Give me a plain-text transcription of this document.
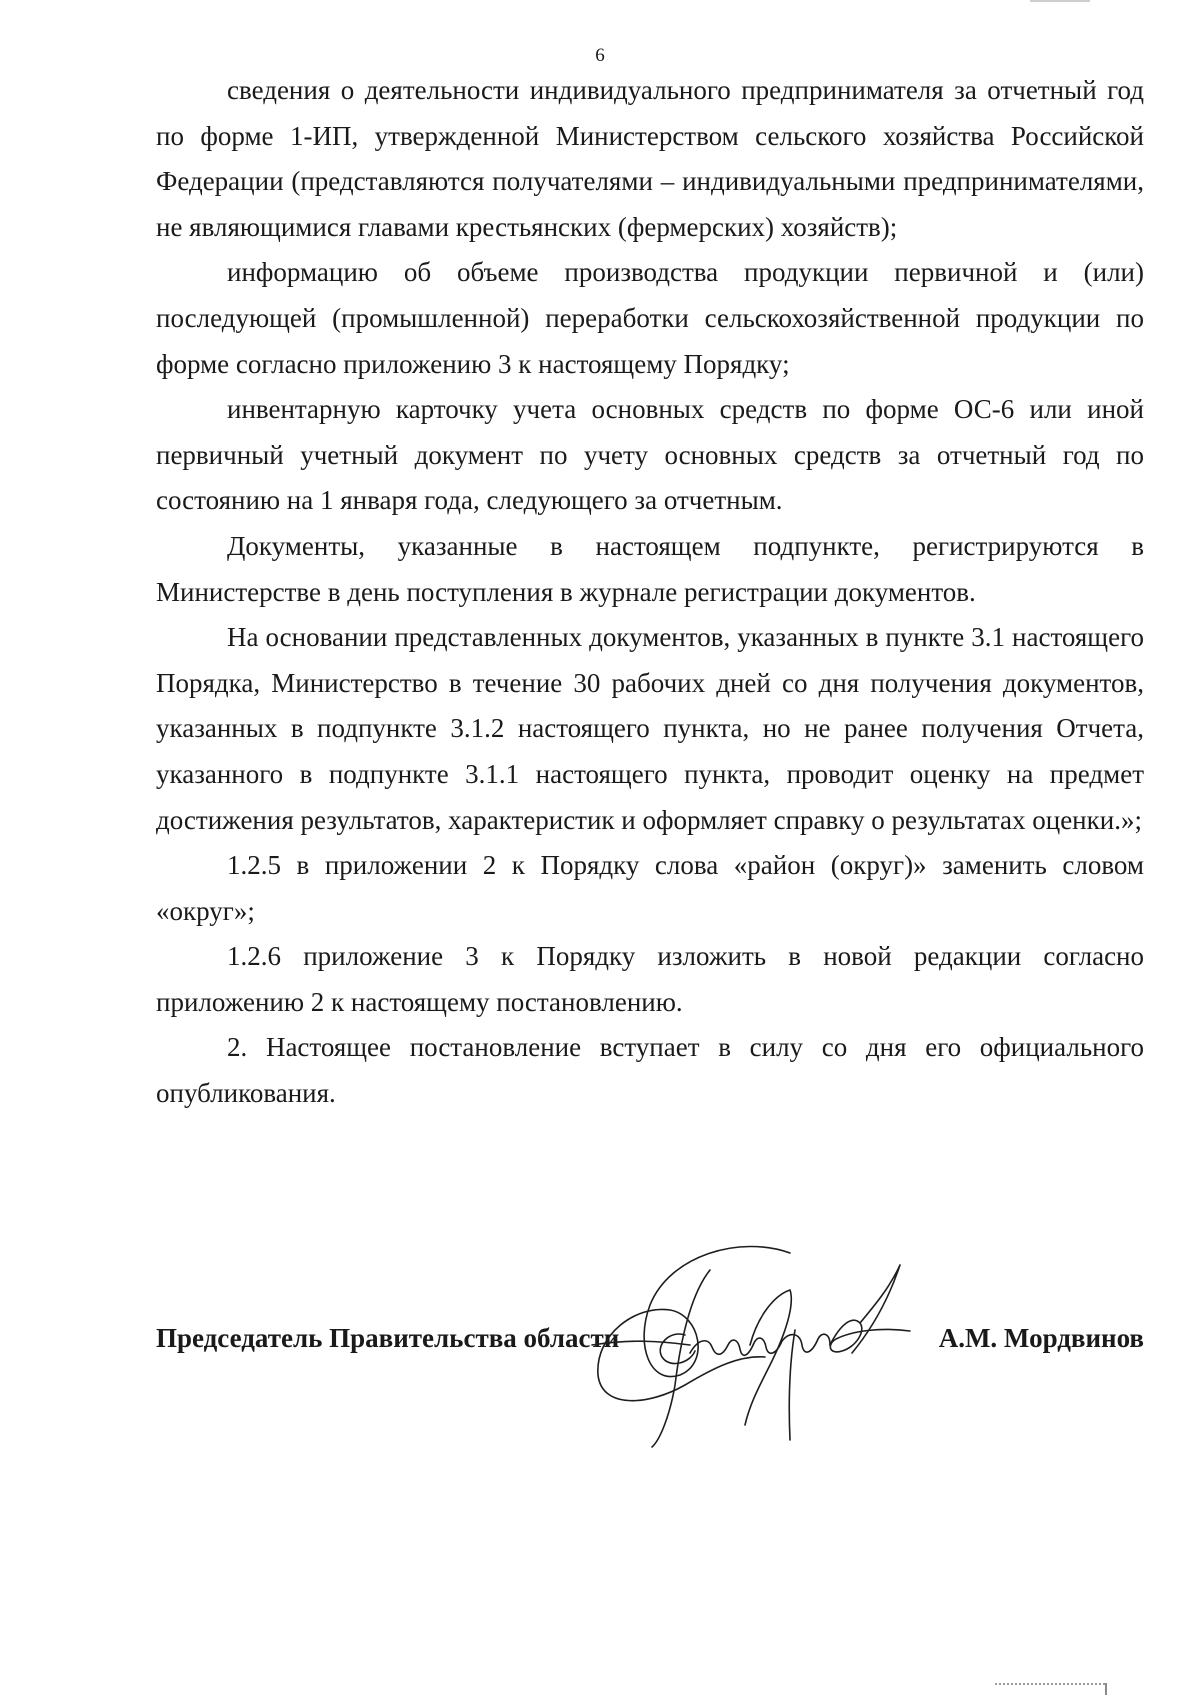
6

сведения о деятельности индивидуального предпринимателя за отчетный год по форме 1-ИП, утвержденной Министерством сельского хозяйства Российской Федерации (представляются получателями – индивидуальными предпринимателями, не являющимися главами крестьянских (фермерских) хозяйств);

информацию об объеме производства продукции первичной и (или) последующей (промышленной) переработки сельскохозяйственной продукции по форме согласно приложению 3 к настоящему Порядку;

инвентарную карточку учета основных средств по форме ОС-6 или иной первичный учетный документ по учету основных средств за отчетный год по состоянию на 1 января года, следующего за отчетным.

Документы, указанные в настоящем подпункте, регистрируются в Министерстве в день поступления в журнале регистрации документов.

На основании представленных документов, указанных в пункте 3.1 настоящего Порядка, Министерство в течение 30 рабочих дней со дня получения документов, указанных в подпункте 3.1.2 настоящего пункта, но не ранее получения Отчета, указанного в подпункте 3.1.1 настоящего пункта, проводит оценку на предмет достижения результатов, характеристик и оформляет справку о результатах оценки.»;

1.2.5 в приложении 2 к Порядку слова «район (округ)» заменить словом «округ»;

1.2.6 приложение 3 к Порядку изложить в новой редакции согласно приложению 2 к настоящему постановлению.

2. Настоящее постановление вступает в силу со дня его официального опубликования.

Председатель Правительства области	А.М. Мордвинов
